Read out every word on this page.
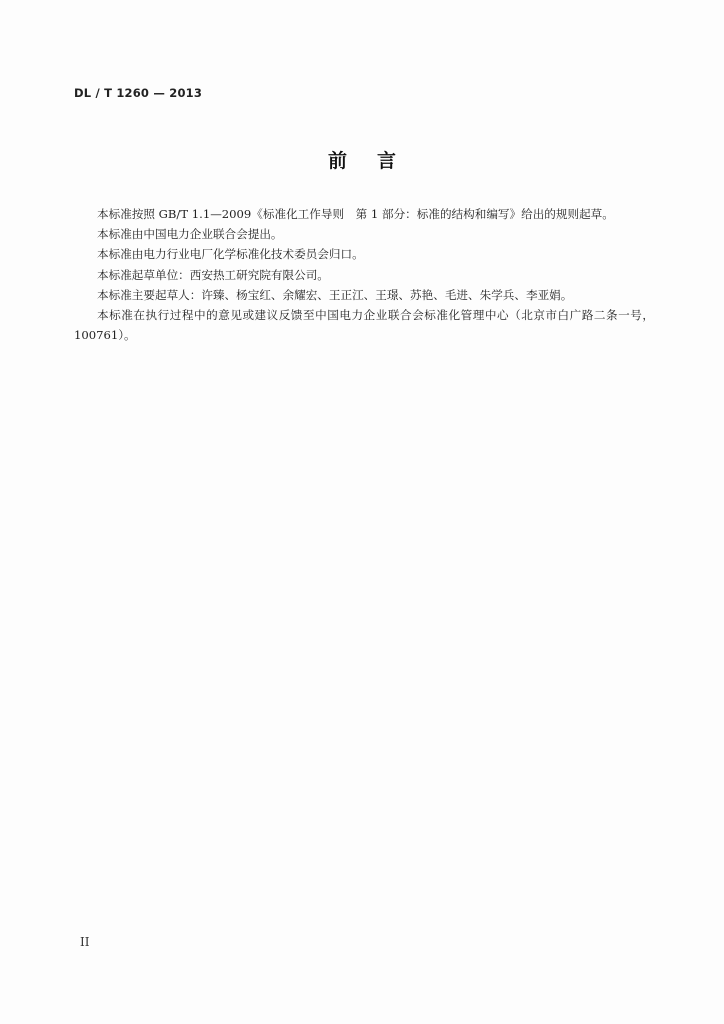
DL / T 1260 — 2013
前言

本标准按照 GB/T 1.1—2009《标准化工作导则　第 1 部分：标准的结构和编写》给出的规则起草。

本标准由中国电力企业联合会提出。

本标准由电力行业电厂化学标准化技术委员会归口。

本标准起草单位：西安热工研究院有限公司。

本标准主要起草人：许臻、杨宝红、余耀宏、王正江、王璟、苏艳、毛进、朱学兵、李亚娟。

本标准在执行过程中的意见或建议反馈至中国电力企业联合会标准化管理中心（北京市白广路二条一号，100761）。

II
